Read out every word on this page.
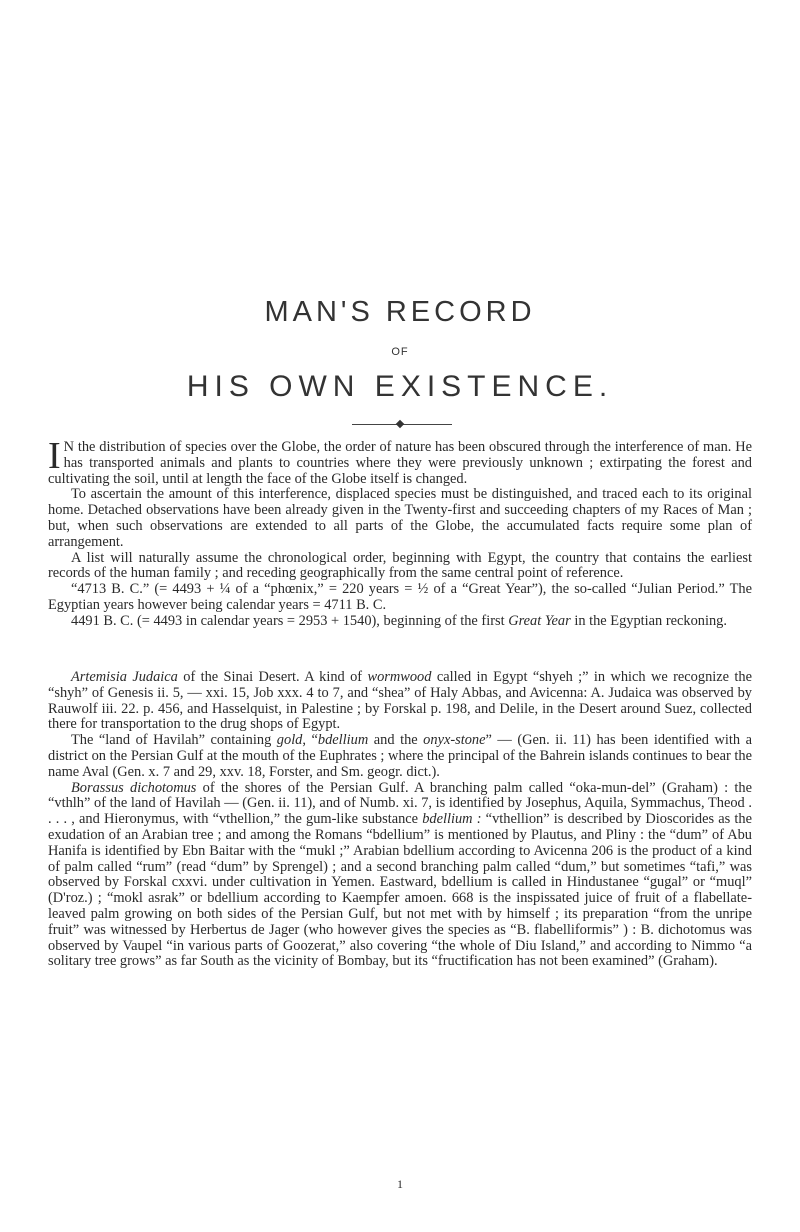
MAN'S RECORD
OF
HIS OWN EXISTENCE.

I N the distribution of species over the Globe, the order of nature has been obscured through the interference of man. He has transported animals and plants to countries where they were previously unknown ; extirpating the forest and cultivating the soil, until at length the face of the Globe itself is changed.

To ascertain the amount of this interference, displaced species must be distinguished, and traced each to its original home. Detached observations have been already given in the Twenty-first and succeeding chapters of my Races of Man ; but, when such observations are extended to all parts of the Globe, the accumulated facts require some plan of arrangement.

A list will naturally assume the chronological order, beginning with Egypt, the country that contains the earliest records of the human family ; and receding geographically from the same central point of reference.

“4713 B. C.” (= 4493 + ¼ of a “phœnix,” = 220 years = ½ of a “Great Year”), the so-called “Julian Period.” The Egyptian years however being calendar years = 4711 B. C.

4491 B. C. (= 4493 in calendar years = 2953 + 1540), beginning of the first Great Year in the Egyptian reckoning.

Artemisia Judaica of the Sinai Desert. A kind of wormwood called in Egypt “shyeh ;” in which we recognize the “shyh” of Genesis ii. 5, — xxi. 15, Job xxx. 4 to 7, and “shea” of Haly Abbas, and Avicenna: A. Judaica was observed by Rauwolf iii. 22. p. 456, and Hasselquist, in Palestine ; by Forskal p. 198, and Delile, in the Desert around Suez, collected there for transportation to the drug shops of Egypt.

The “land of Havilah” containing gold, “bdellium and the onyx-stone” — (Gen. ii. 11) has been identified with a district on the Persian Gulf at the mouth of the Euphrates ; where the principal of the Bahrein islands continues to bear the name Aval (Gen. x. 7 and 29, xxv. 18, Forster, and Sm. geogr. dict.).

Borassus dichotomus of the shores of the Persian Gulf. A branching palm called “oka-mun-del” (Graham) : the “vthlh” of the land of Havilah — (Gen. ii. 11), and of Numb. xi. 7, is identified by Josephus, Aquila, Symmachus, Theod . . . . , and Hieronymus, with “vthellion,” the gum-like substance bdellium : “vthellion” is described by Dioscorides as the exudation of an Arabian tree ; and among the Romans “bdellium” is mentioned by Plautus, and Pliny : the “dum” of Abu Hanifa is identified by Ebn Baitar with the “mukl ;” Arabian bdellium according to Avicenna 206 is the product of a kind of palm called “rum” (read “dum” by Sprengel) ; and a second branching palm called “dum,” but sometimes “tafi,” was observed by Forskal cxxvi. under cultivation in Yemen. Eastward, bdellium is called in Hindustanee “gugal” or “muql” (D'roz.) ; “mokl asrak” or bdellium according to Kaempfer amoen. 668 is the inspissated juice of fruit of a flabellate-leaved palm growing on both sides of the Persian Gulf, but not met with by himself ; its preparation “from the unripe fruit” was witnessed by Herbertus de Jager (who however gives the species as “B. flabelliformis” ) : B. dichotomus was observed by Vaupel “in various parts of Goozerat,” also covering “the whole of Diu Island,” and according to Nimmo “a solitary tree grows” as far South as the vicinity of Bombay, but its “fructification has not been examined” (Graham).

1
